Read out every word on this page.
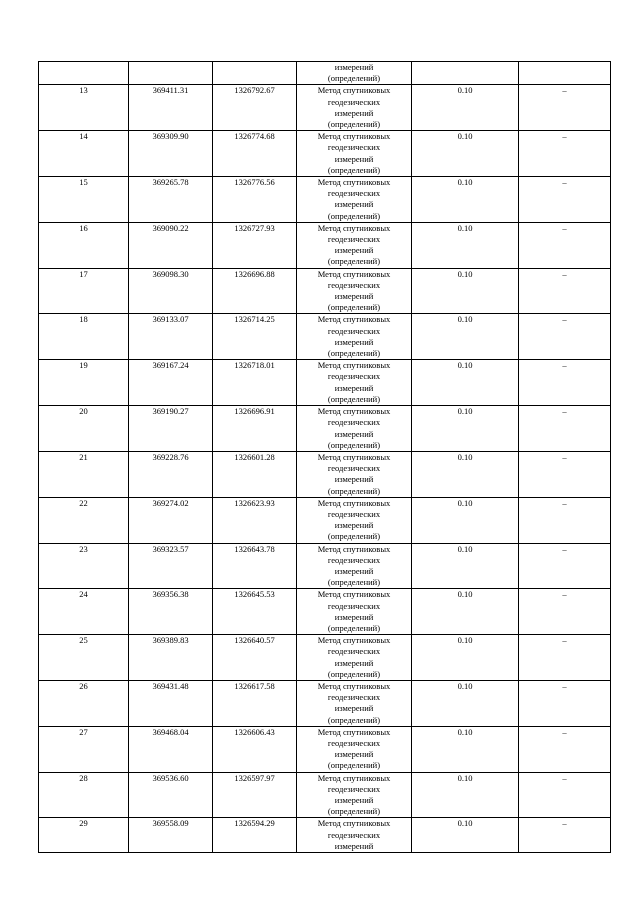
			измерений
(определений)		

13	369411.31	1326792.67	Метод спутниковых
геодезических
измерений
(определений)	0.10	–
14	369309.90	1326774.68	Метод спутниковых
геодезических
измерений
(определений)	0.10	–
15	369265.78	1326776.56	Метод спутниковых
геодезических
измерений
(определений)	0.10	–
16	369090.22	1326727.93	Метод спутниковых
геодезических
измерений
(определений)	0.10	–
17	369098.30	1326696.88	Метод спутниковых
геодезических
измерений
(определений)	0.10	–
18	369133.07	1326714.25	Метод спутниковых
геодезических
измерений
(определений)	0.10	–
19	369167.24	1326718.01	Метод спутниковых
геодезических
измерений
(определений)	0.10	–
20	369190.27	1326696.91	Метод спутниковых
геодезических
измерений
(определений)	0.10	–
21	369228.76	1326601.28	Метод спутниковых
геодезических
измерений
(определений)	0.10	–
22	369274.02	1326623.93	Метод спутниковых
геодезических
измерений
(определений)	0.10	–
23	369323.57	1326643.78	Метод спутниковых
геодезических
измерений
(определений)	0.10	–
24	369356.38	1326645.53	Метод спутниковых
геодезических
измерений
(определений)	0.10	–
25	369389.83	1326640.57	Метод спутниковых
геодезических
измерений
(определений)	0.10	–
26	369431.48	1326617.58	Метод спутниковых
геодезических
измерений
(определений)	0.10	–
27	369468.04	1326606.43	Метод спутниковых
геодезических
измерений
(определений)	0.10	–
28	369536.60	1326597.97	Метод спутниковых
геодезических
измерений
(определений)	0.10	–
29	369558.09	1326594.29	Метод спутниковых
геодезических
измерений	0.10	–
